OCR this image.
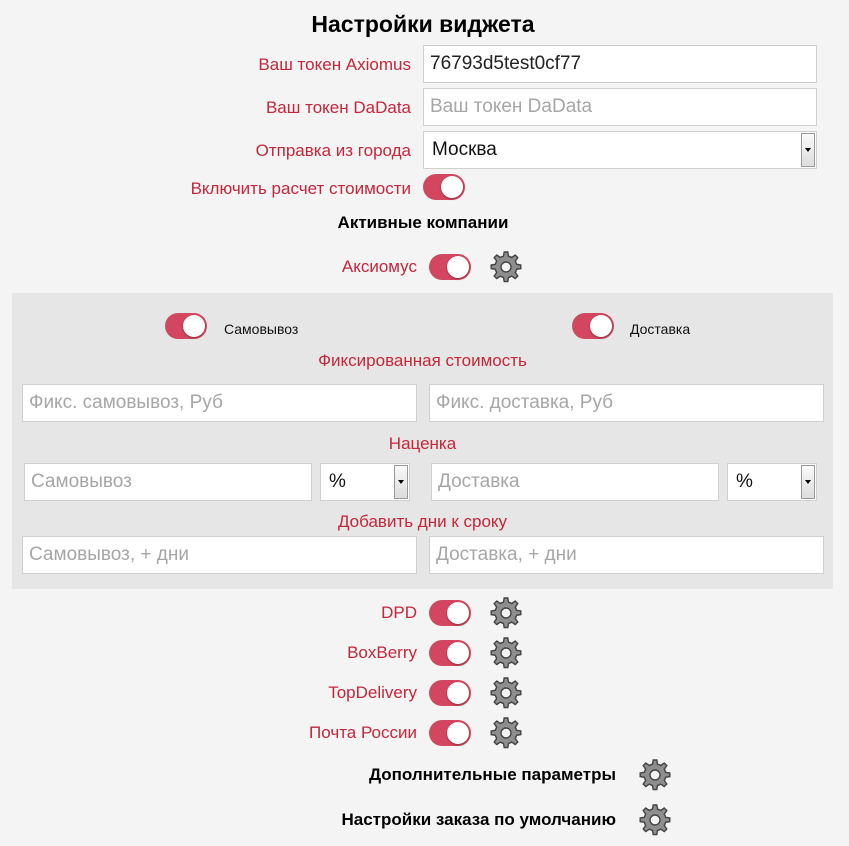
Настройки виджета
Ваш токен Axiomus
76793d5test0cf77
Ваш токен DaData
Ваш токен DaData
Отправка из города Москва
Включить расчет стоимости
Активные компании
Аксиомус
Самовывоз	Доставка
Фиксированная стоимость
Фикс. самовывоз, Руб
Фикс. доставка, Руб
Наценка
Самовывоз
%
Доставка	%
Добавить дни к сроку
Самовывоз, + дни
Доставка, + дни
DPD
BoxBerry
TopDelivery
Почта России
Дополнительные параметры
Настройки заказа по умолчанию
